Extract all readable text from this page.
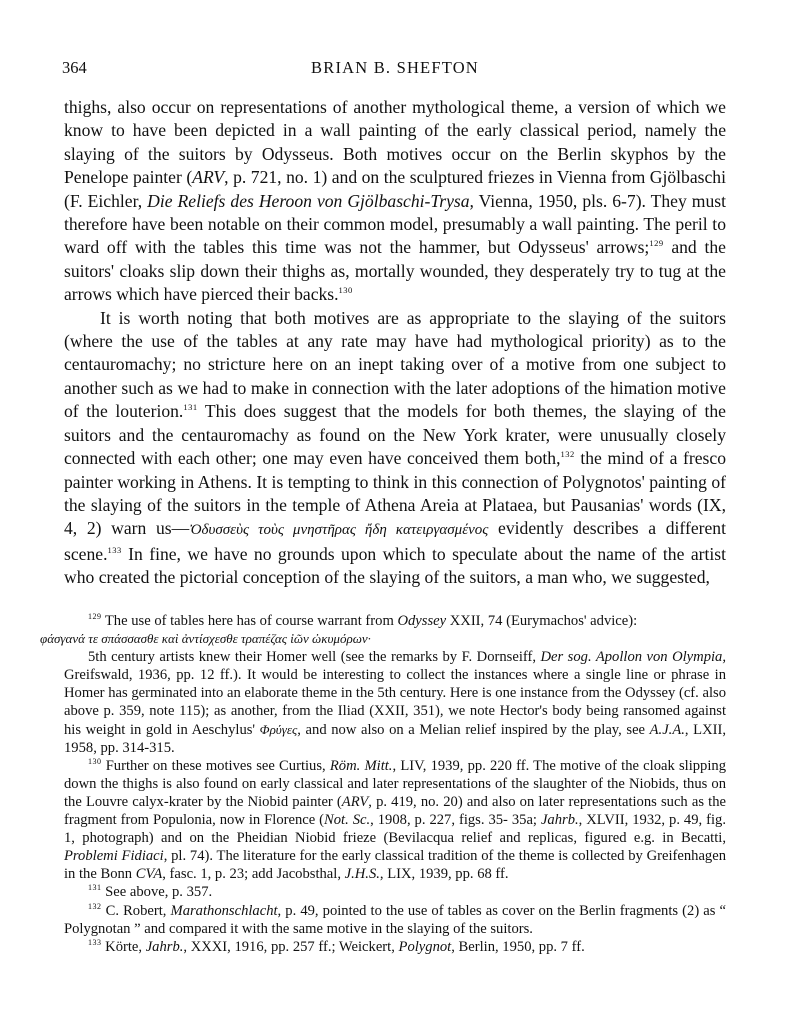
364	BRIAN B. SHEFTON

thighs, also occur on representations of another mythological theme, a version of which we know to have been depicted in a wall painting of the early classical period, namely the slaying of the suitors by Odysseus. Both motives occur on the Berlin skyphos by the Penelope painter (ARV, p. 721, no. 1) and on the sculptured friezes in Vienna from Gjölbaschi (F. Eichler, Die Reliefs des Heroon von Gjölbaschi-Trysa, Vienna, 1950, pls. 6-7). They must therefore have been notable on their common model, presumably a wall painting. The peril to ward off with the tables this time was not the hammer, but Odysseus' arrows;$^{129}$ and the suitors' cloaks slip down their thighs as, mortally wounded, they desperately try to tug at the arrows which have pierced their backs.$^{130}$

It is worth noting that both motives are as appropriate to the slaying of the suitors (where the use of the tables at any rate may have had mythological priority) as to the centauromachy; no stricture here on an inept taking over of a motive from one subject to another such as we had to make in connection with the later adoptions of the himation motive of the louterion.$^{131}$ This does suggest that the models for both themes, the slaying of the suitors and the centauromachy as found on the New York krater, were unusually closely connected with each other; one may even have conceived them both,$^{132}$ the mind of a fresco painter working in Athens. It is tempting to think in this connection of Polygnotos' painting of the slaying of the suitors in the temple of Athena Areia at Plataea, but Pausanias' words (IX, 4, 2) warn us—Ὀδυσσεὺς τοὺς μνηστῆρας ἤδη κατειργασμένος evidently describes a different scene.$^{133}$ In fine, we have no grounds upon which to speculate about the name of the artist who created the pictorial conception of the slaying of the suitors, a man who, we suggested,

$^{129}$ The use of tables here has of course warrant from Odyssey XXII, 74 (Eurymachos' advice):
φάσγανά τε σπάσσασθε καὶ ἀντίσχεσθε τραπέζας ἰῶν ὠκυμόρων·

5th century artists knew their Homer well (see the remarks by F. Dornseiff, Der sog. Apollon von Olympia, Greifswald, 1936, pp. 12 ff.). It would be interesting to collect the instances where a single line or phrase in Homer has germinated into an elaborate theme in the 5th century. Here is one instance from the Odyssey (cf. also above p. 359, note 115); as another, from the Iliad (XXII, 351), we note Hector's body being ransomed against his weight in gold in Aeschylus' Φρύγες, and now also on a Melian relief inspired by the play, see A.J.A., LXII, 1958, pp. 314-315.

$^{130}$ Further on these motives see Curtius, Röm. Mitt., LIV, 1939, pp. 220 ff. The motive of the cloak slipping down the thighs is also found on early classical and later representations of the slaughter of the Niobids, thus on the Louvre calyx-krater by the Niobid painter (ARV, p. 419, no. 20) and also on later representations such as the fragment from Populonia, now in Florence (Not. Sc., 1908, p. 227, figs. 35- 35a; Jahrb., XLVII, 1932, p. 49, fig. 1, photograph) and on the Pheidian Niobid frieze (Bevilacqua relief and replicas, figured e.g. in Becatti, Problemi Fidiaci, pl. 74). The literature for the early classical tradition of the theme is collected by Greifenhagen in the Bonn CVA, fasc. 1, p. 23; add Jacobsthal, J.H.S., LIX, 1939, pp. 68 ff.

$^{131}$ See above, p. 357.

$^{132}$ C. Robert, Marathonschlacht, p. 49, pointed to the use of tables as cover on the Berlin fragments (2) as “ Polygnotan ” and compared it with the same motive in the slaying of the suitors.

$^{133}$ Körte, Jahrb., XXXI, 1916, pp. 257 ff.; Weickert, Polygnot, Berlin, 1950, pp. 7 ff.
